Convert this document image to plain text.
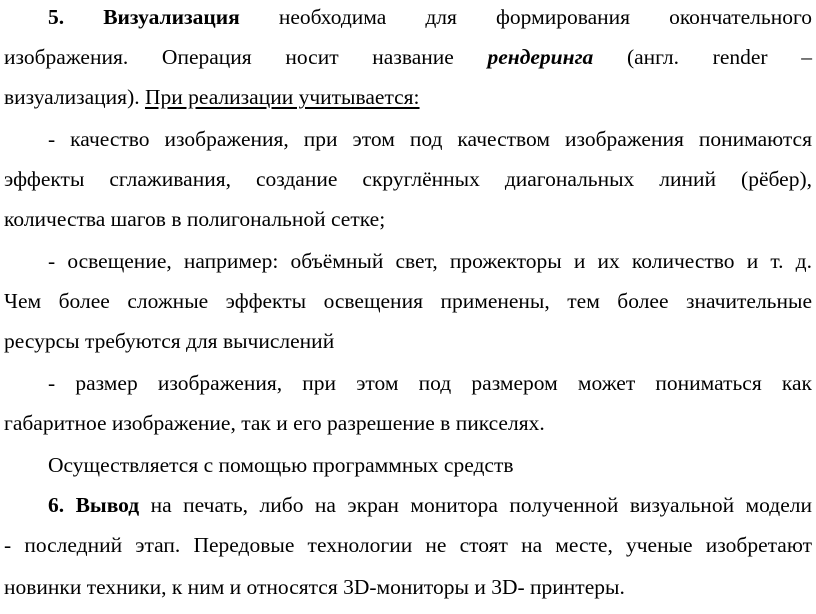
5. Визуализация необходима для формирования окончательного
изображения. Операция носит название рендеринга (англ. render –
визуализация). При реализации учитывается:
- качество изображения, при этом под качеством изображения понимаются
эффекты сглаживания, создание скруглённых диагональных линий (рёбер),
количества шагов в полигональной сетке;
- освещение, например: объёмный свет, прожекторы и их количество и т. д.
Чем более сложные эффекты освещения применены, тем более значительные
ресурсы требуются для вычислений
- размер изображения, при этом под размером может пониматься как
габаритное изображение, так и его разрешение в пикселях.
Осуществляется с помощью программных средств
6. Вывод на печать, либо на экран монитора полученной визуальной модели
- последний этап. Передовые технологии не стоят на месте, ученые изобретают
новинки техники, к ним и относятся 3D-мониторы и 3D- принтеры.
